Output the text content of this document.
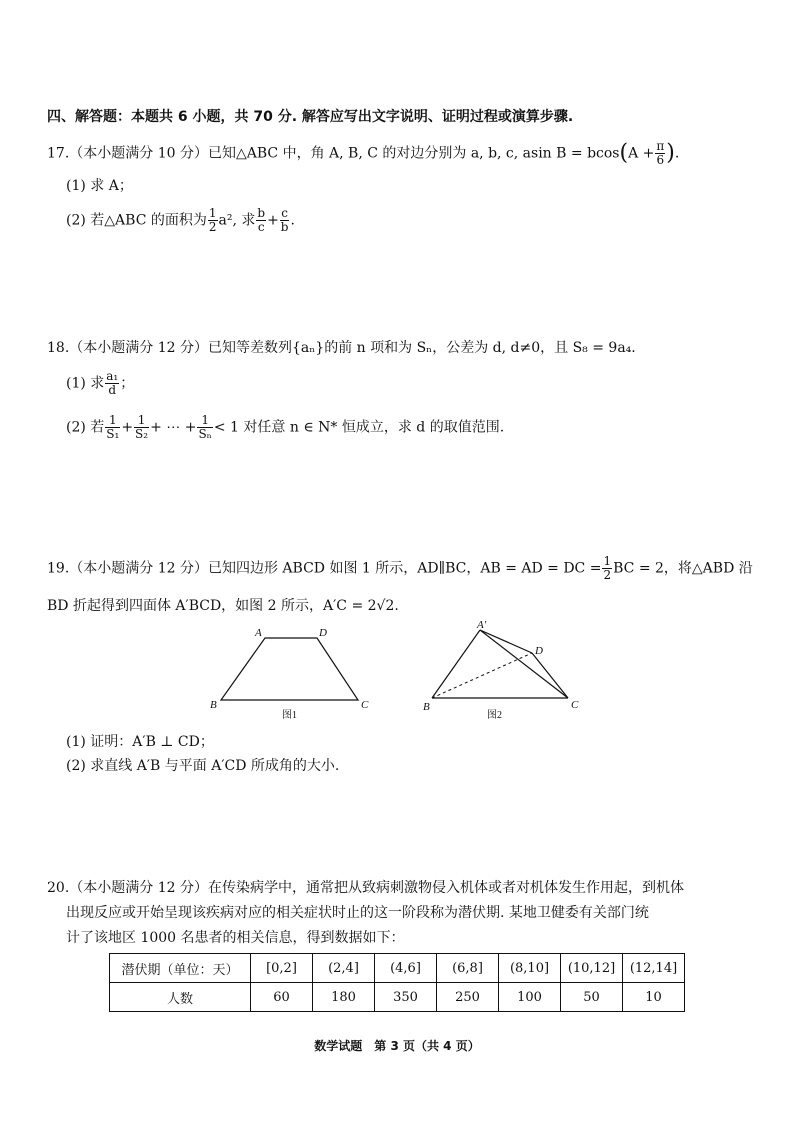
四、解答题：本题共 6 小题，共 70 分. 解答应写出文字说明、证明过程或演算步骤.
17.（本小题满分 10 分）已知△ABC 中，角 A, B, C 的对边分别为 a, b, c, asin $B = bcos(A + \frac{\pi}{6}$ ).
(1) 求 A；
(2) 若△ABC 的面积为 $\frac{1}{2} a^2$, 求 $\frac{b}{c} + \frac{c}{b}$ .
18.（本小题满分 12 分）已知等差数列{aₙ}的前 n 项和为 Sₙ，公差为 d, d≠0，且 S₈ = 9a₄.
(1) 求 $\frac{\text{a₁}}{d}$ ；
(2) 若 $\frac{1}{\text{S₁}} + \frac{1}{\text{S₂}}$ + ⋯ + $\frac{1}{\text{Sₙ}} < 1$ 对任意 n ∈ N* 恒成立，求 d 的取值范围.
19.（本小题满分 12 分）已知四边形 ABCD 如图 1 所示，AD∥BC，AB = AD = DC = $\frac{1}{2}$ BC = 2，将△ABD 沿
BD 折起得到四面体 A′BCD，如图 2 所示，A′C = 2√2.
A	D
B	C
图1
A′
D
B	C
图2
(1) 证明：A′B ⊥ CD；
(2) 求直线 A′B 与平面 A′CD 所成角的大小.
20.（本小题满分 12 分）在传染病学中，通常把从致病刺激物侵入机体或者对机体发生作用起，到机体
出现反应或开始呈现该疾病对应的相关症状时止的这一阶段称为潜伏期. 某地卫健委有关部门统
计了该地区 1000 名患者的相关信息，得到数据如下：
潜伏期（单位：天）	[0,2]	(2,4]	(4,6]	(6,8]	(8,10]	(10,12]	(12,14]
人数	60	180	350	250	100	50	10
数学试题　第 3 页（共 4 页）
